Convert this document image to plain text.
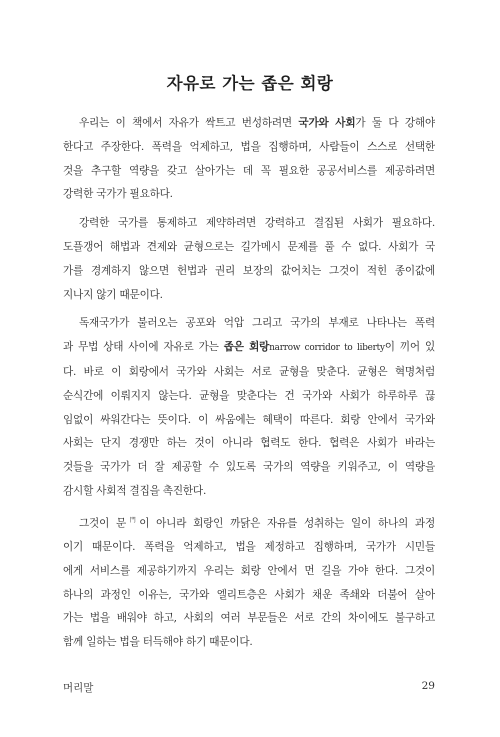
자유로 가는 좁은 회랑
우리는 이 책에서 자유가 싹트고 번성하려면 국가와 사회가 둘 다 강해야
한다고 주장한다. 폭력을 억제하고, 법을 집행하며, 사람들이 스스로 선택한
것을 추구할 역량을 갖고 살아가는 데 꼭 필요한 공공서비스를 제공하려면
강력한 국가가 필요하다.
강력한 국가를 통제하고 제약하려면 강력하고 결집된 사회가 필요하다.
도플갱어 해법과 견제와 균형으로는 길가메시 문제를 풀 수 없다. 사회가 국
가를 경계하지 않으면 헌법과 권리 보장의 값어치는 그것이 적힌 종이값에
지나지 않기 때문이다.
독재국가가 불러오는 공포와 억압 그리고 국가의 부재로 나타나는 폭력
과 무법 상태 사이에 자유로 가는 좁은 회랑narrow corridor to liberty이 끼어 있
다. 바로 이 회랑에서 국가와 사회는 서로 균형을 맞춘다. 균형은 혁명처럼
순식간에 이뤄지지 않는다. 균형을 맞춘다는 건 국가와 사회가 하루하루 끊
임없이 싸워간다는 뜻이다. 이 싸움에는 혜택이 따른다. 회랑 안에서 국가와
사회는 단지 경쟁만 하는 것이 아니라 협력도 한다. 협력은 사회가 바라는
것들을 국가가 더 잘 제공할 수 있도록 국가의 역량을 키워주고, 이 역량을
감시할 사회적 결집을 촉진한다.
그것이 문$^門$이 아니라 회랑인 까닭은 자유를 성취하는 일이 하나의 과정
이기 때문이다. 폭력을 억제하고, 법을 제정하고 집행하며, 국가가 시민들
에게 서비스를 제공하기까지 우리는 회랑 안에서 먼 길을 가야 한다. 그것이
하나의 과정인 이유는, 국가와 엘리트층은 사회가 채운 족쇄와 더불어 살아
가는 법을 배워야 하고, 사회의 여러 부문들은 서로 간의 차이에도 불구하고
함께 일하는 법을 터득해야 하기 때문이다.
머리말	29
